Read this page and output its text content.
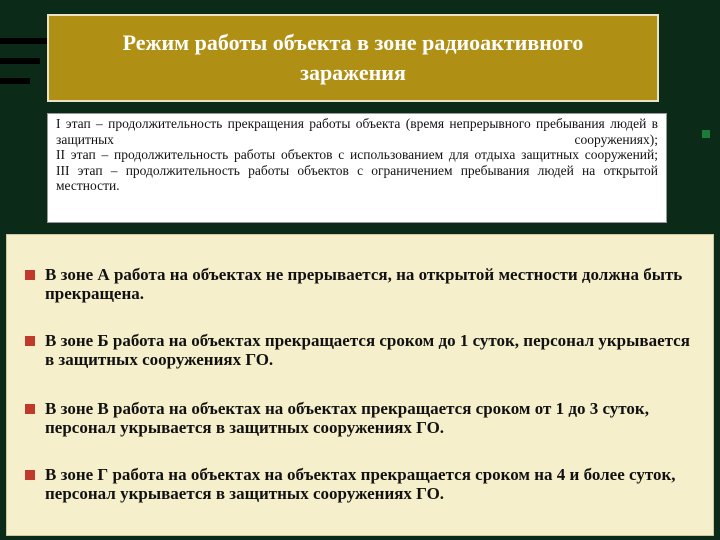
Режим работы объекта в зоне радиоактивного заражения
I этап – продолжительность прекращения работы объекта (время непрерывного пребывания людей в защитных сооружениях);
II этап – продолжительность работы объектов с использованием для отдыха защитных сооружений;
III этап – продолжительность работы объектов с ограничением пребывания людей на открытой местности.
В зоне А работа на объектах не прерывается, на открытой местности должна быть прекращена.
В зоне Б работа на объектах прекращается сроком до 1 суток, персонал укрывается в защитных сооружениях ГО.
В зоне В работа на объектах на объектах прекращается сроком от 1 до 3 суток, персонал укрывается в защитных сооружениях ГО.
В зоне Г работа на объектах на объектах прекращается сроком на 4 и более суток, персонал укрывается в защитных сооружениях ГО.
